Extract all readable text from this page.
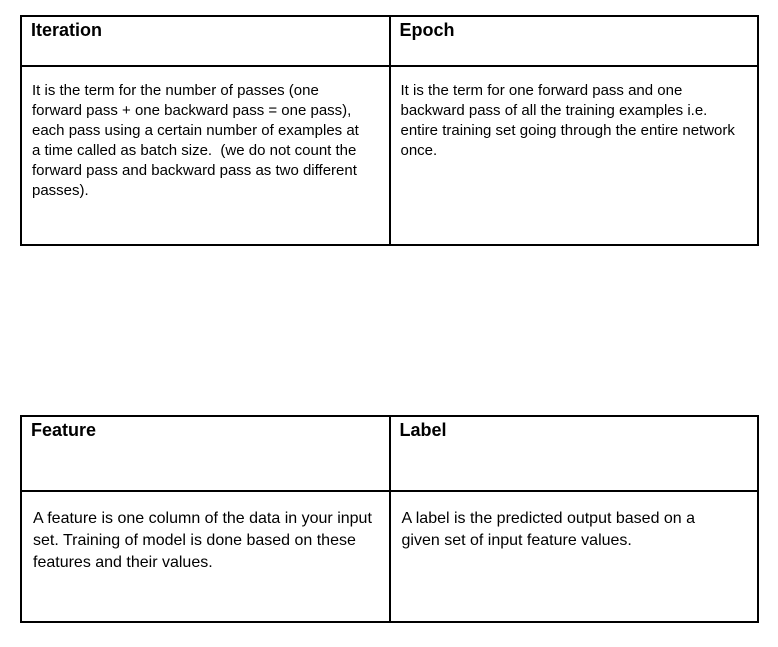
Iteration	Epoch
It is the term for the number of passes (one forward pass + one backward pass = one pass), each pass using a certain number of examples at a time called as batch size.  (we do not count the forward pass and backward pass as two different passes).	It is the term for one forward pass and one backward pass of all the training examples i.e. entire training set going through the entire network once.
Feature	Label
A feature is one column of the data in your input set. Training of model is done based on these features and their values.	A label is the predicted output based on a given set of input feature values.
